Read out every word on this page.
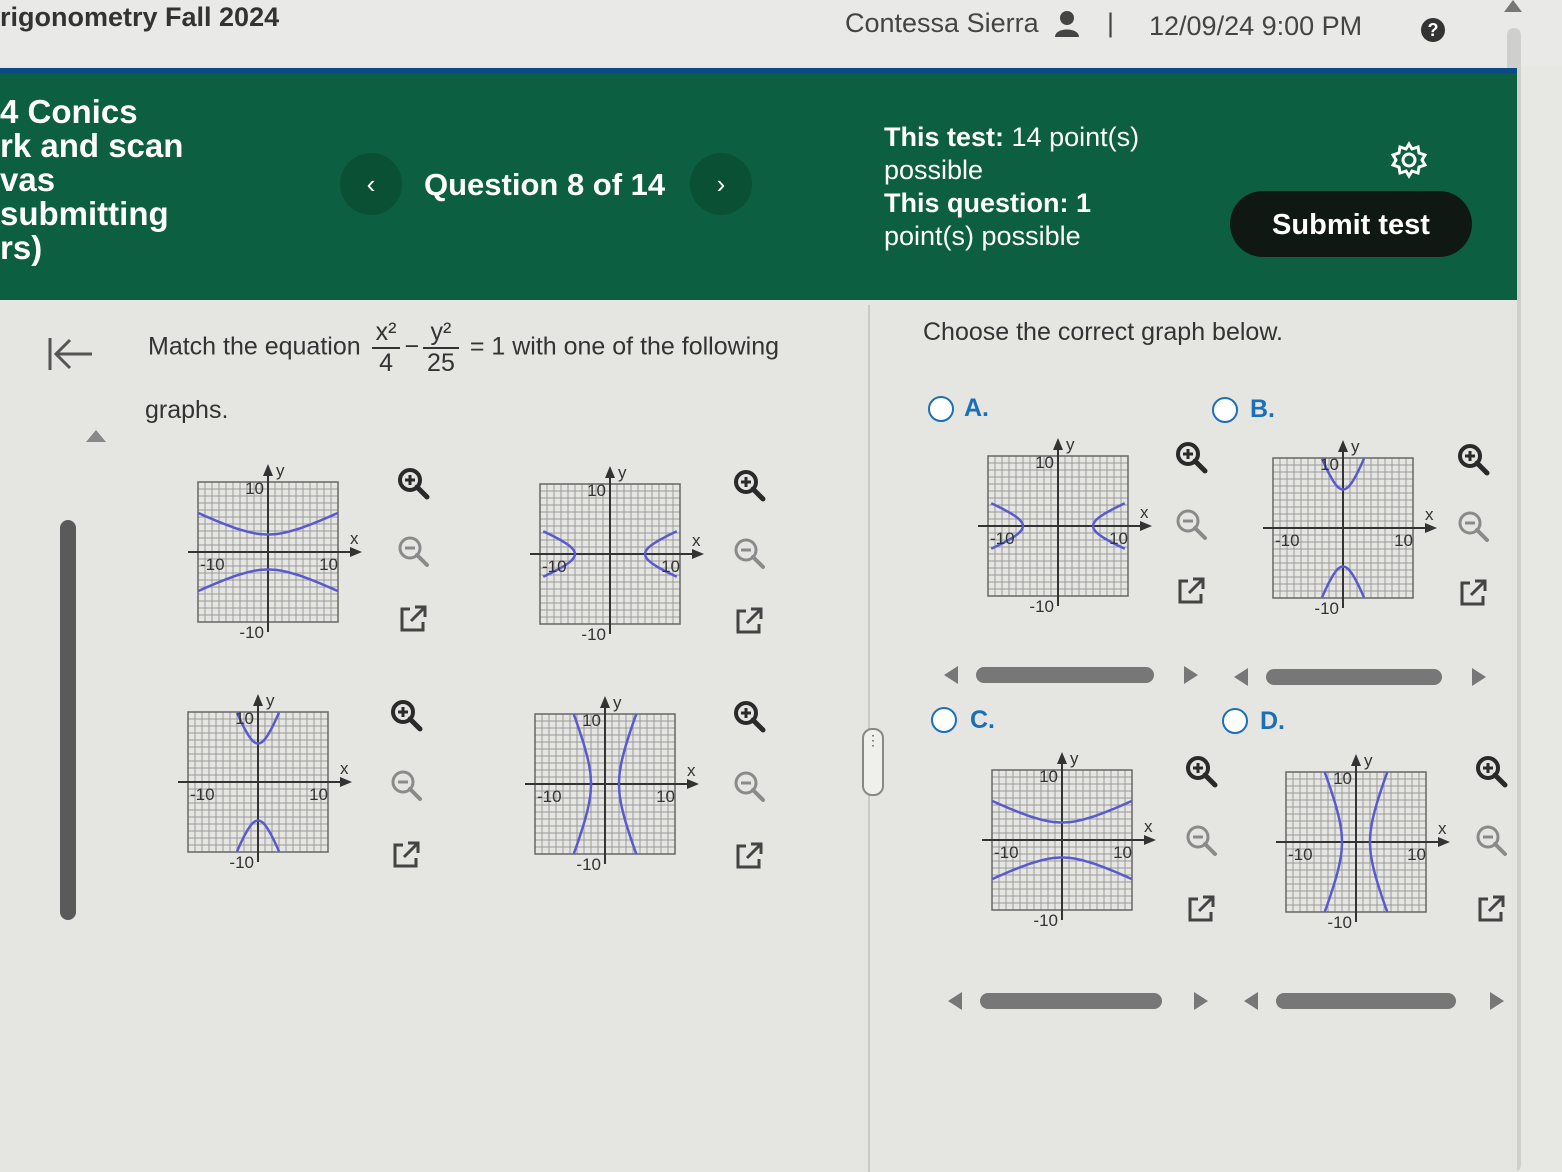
rigonometry Fall 2024	Contessa Sierra	| 12/09/24 9:00 PM	?
4 Conics
rk and scan
vas
submitting
rs)
‹	Question 8 of 14	›
This test: 14 point(s)
possible
This question: 1
point(s) possible	Submit test
Match the equation $\frac{\text{x²}}{4} - \frac{\text{y²}}{25} = 1$ with one of the following
graphs.
⋮
Choose the correct graph below.
A.	B.
C.	D.
y
x
10
-10
-10	10
y
x
10
-10
-10	10
y
x
10
-10
-10	10
y
x
10
-10
-10	10
y
x
10
-10
-10	10
y
x
10
-10
-10	10
y
x
10
-10
-10	10
y
x
10
-10
-10	10
